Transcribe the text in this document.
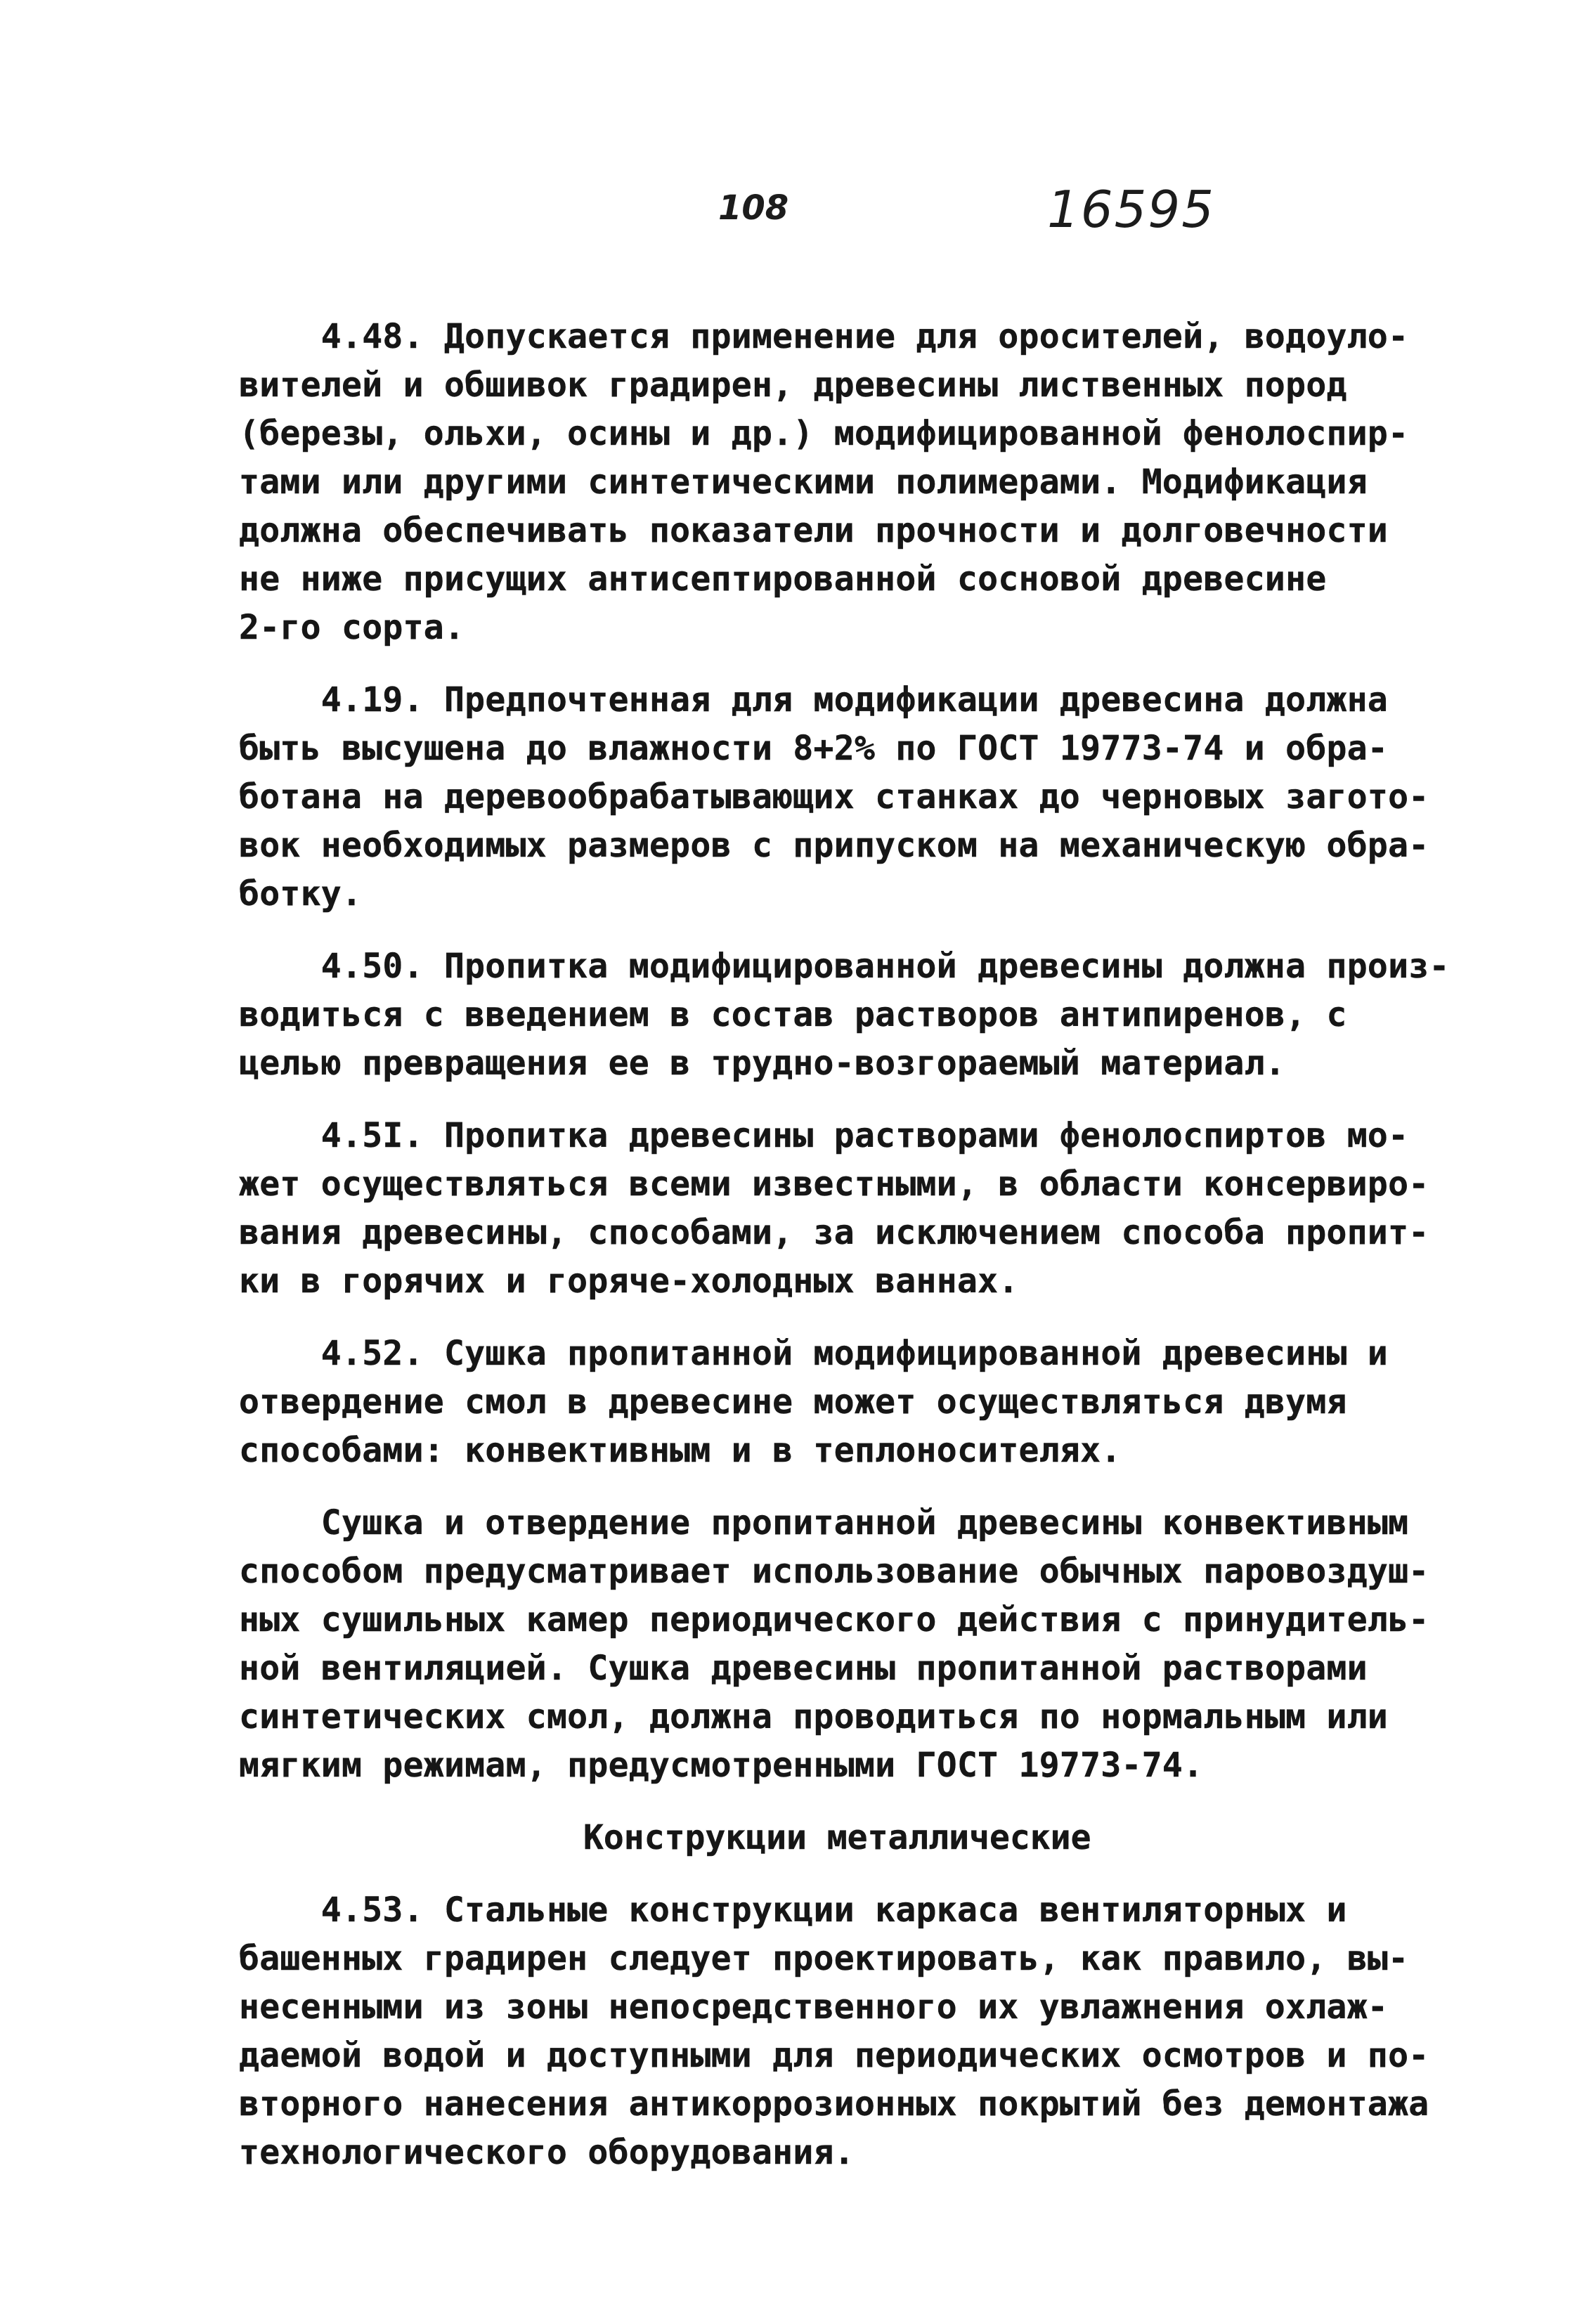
108	16595
4.48. Допускается применение для оросителей, водоуло-
вителей и обшивок градирен, древесины лиственных пород
(березы, ольхи, осины и др.) модифицированной фенолоспир-
тами или другими синтетическими полимерами. Модификация
должна обеспечивать показатели прочности и долговечности
не ниже присущих антисептированной сосновой древесине
2-го сорта.
4.19. Предпочтенная для модификации древесина должна
быть высушена до влажности 8+2% по ГОСТ 19773-74 и обра-
ботана на деревообрабатывающих станках до черновых загото-
вок необходимых размеров с припуском на механическую обра-
ботку.
4.50. Пропитка модифицированной древесины должна произ-
водиться с введением в состав растворов антипиренов, с
целью превращения ее в трудно-возгораемый материал.
4.5I. Пропитка древесины растворами фенолоспиртов мо-
жет осуществляться всеми известными, в области консервиро-
вания древесины, способами, за исключением способа пропит-
ки в горячих и горяче-холодных ваннах.
4.52. Сушка пропитанной модифицированной древесины и
отвердение смол в древесине может осуществляться двумя
способами: конвективным и в теплоносителях.
Сушка и отвердение пропитанной древесины конвективным
способом предусматривает использование обычных паровоздуш-
ных сушильных камер периодического действия с принудитель-
ной вентиляцией. Сушка древесины пропитанной растворами
синтетических смол, должна проводиться по нормальным или
мягким режимам, предусмотренными ГОСТ 19773-74.
Конструкции металлические
4.53. Стальные конструкции каркаса вентиляторных и
башенных градирен следует проектировать, как правило, вы-
несенными из зоны непосредственного их увлажнения охлаж-
даемой водой и доступными для периодических осмотров и по-
вторного нанесения антикоррозионных покрытий без демонтажа
технологического оборудования.
